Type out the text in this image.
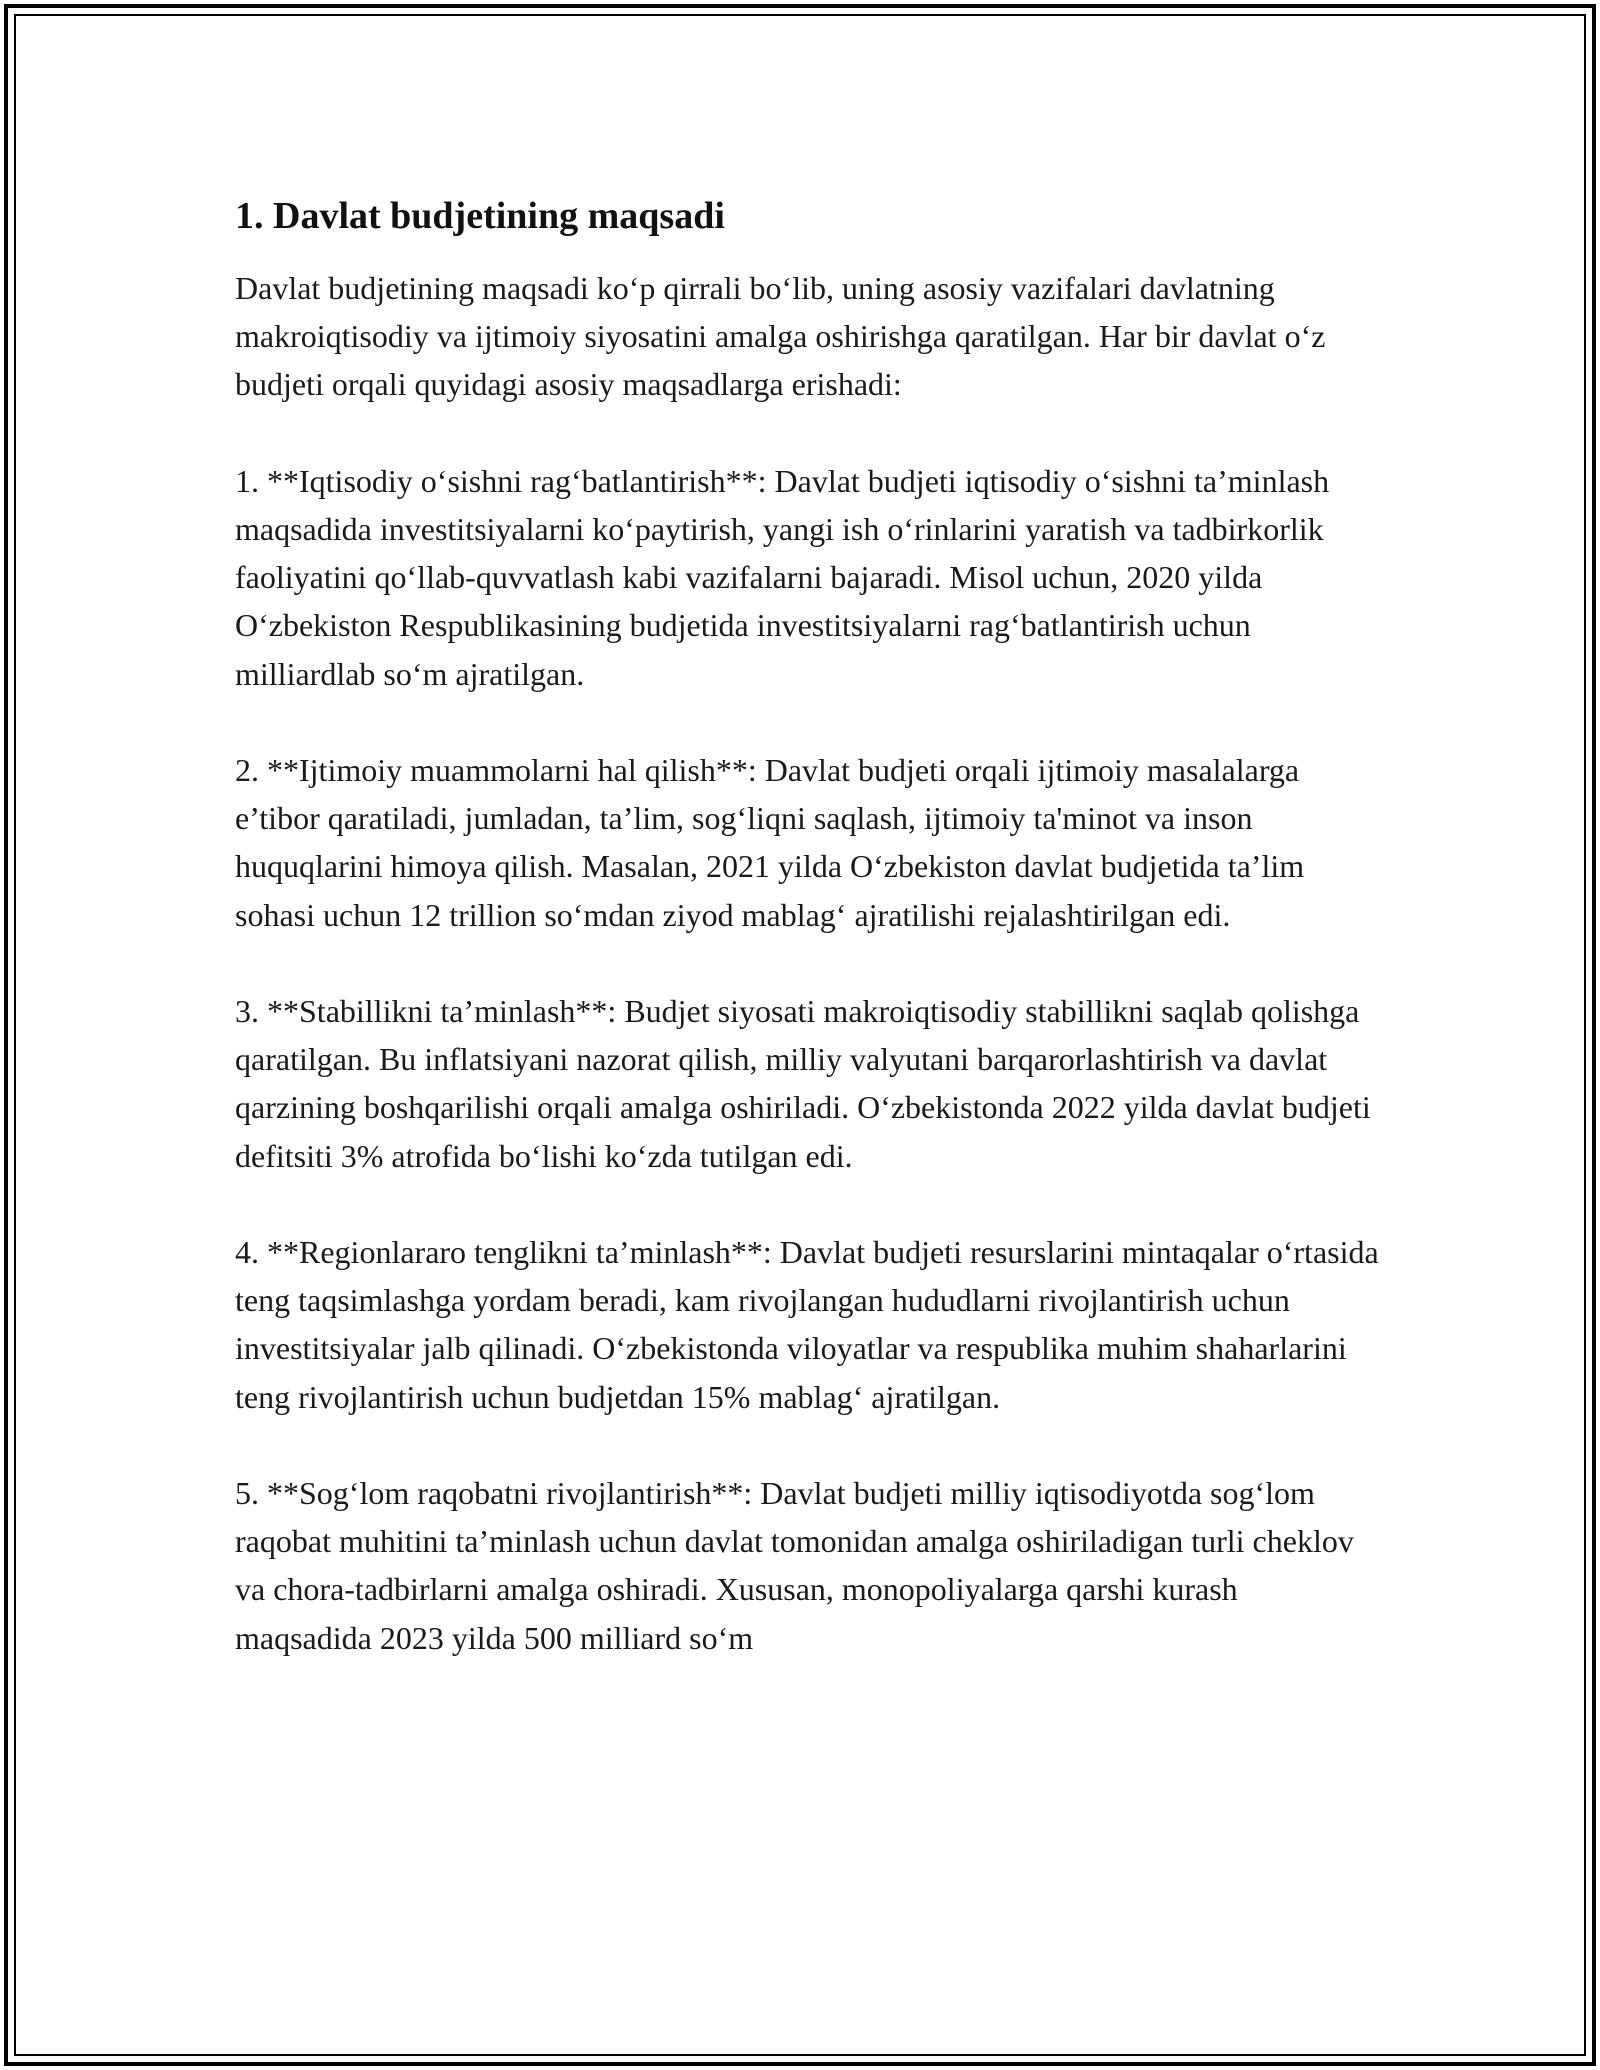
1. Davlat budjetining maqsadi

Davlat budjetining maqsadi ko‘p qirrali bo‘lib, uning asosiy vazifalari davlatning makroiqtisodiy va ijtimoiy siyosatini amalga oshirishga qaratilgan. Har bir davlat o‘z budjeti orqali quyidagi asosiy maqsadlarga erishadi:

1. **Iqtisodiy o‘sishni rag‘batlantirish**: Davlat budjeti iqtisodiy o‘sishni ta’minlash maqsadida investitsiyalarni ko‘paytirish, yangi ish o‘rinlarini yaratish va tadbirkorlik faoliyatini qo‘llab-quvvatlash kabi vazifalarni bajaradi. Misol uchun, 2020 yilda O‘zbekiston Respublikasining budjetida investitsiyalarni rag‘batlantirish uchun milliardlab so‘m ajratilgan.

2. **Ijtimoiy muammolarni hal qilish**: Davlat budjeti orqali ijtimoiy masalalarga e’tibor qaratiladi, jumladan, ta’lim, sog‘liqni saqlash, ijtimoiy ta'minot va inson huquqlarini himoya qilish. Masalan, 2021 yilda O‘zbekiston davlat budjetida ta’lim sohasi uchun 12 trillion so‘mdan ziyod mablag‘ ajratilishi rejalashtirilgan edi.

3. **Stabillikni ta’minlash**: Budjet siyosati makroiqtisodiy stabillikni saqlab qolishga qaratilgan. Bu inflatsiyani nazorat qilish, milliy valyutani barqarorlashtirish va davlat qarzining boshqarilishi orqali amalga oshiriladi. O‘zbekistonda 2022 yilda davlat budjeti defitsiti 3% atrofida bo‘lishi ko‘zda tutilgan edi.

4. **Regionlararo tenglikni ta’minlash**: Davlat budjeti resurslarini mintaqalar o‘rtasida teng taqsimlashga yordam beradi, kam rivojlangan hududlarni rivojlantirish uchun investitsiyalar jalb qilinadi. O‘zbekistonda viloyatlar va respublika muhim shaharlarini teng rivojlantirish uchun budjetdan 15% mablag‘ ajratilgan.

5. **Sog‘lom raqobatni rivojlantirish**: Davlat budjeti milliy iqtisodiyotda sog‘lom raqobat muhitini ta’minlash uchun davlat tomonidan amalga oshiriladigan turli cheklov va chora-tadbirlarni amalga oshiradi. Xususan, monopoliyalarga qarshi kurash maqsadida 2023 yilda 500 milliard so‘m
